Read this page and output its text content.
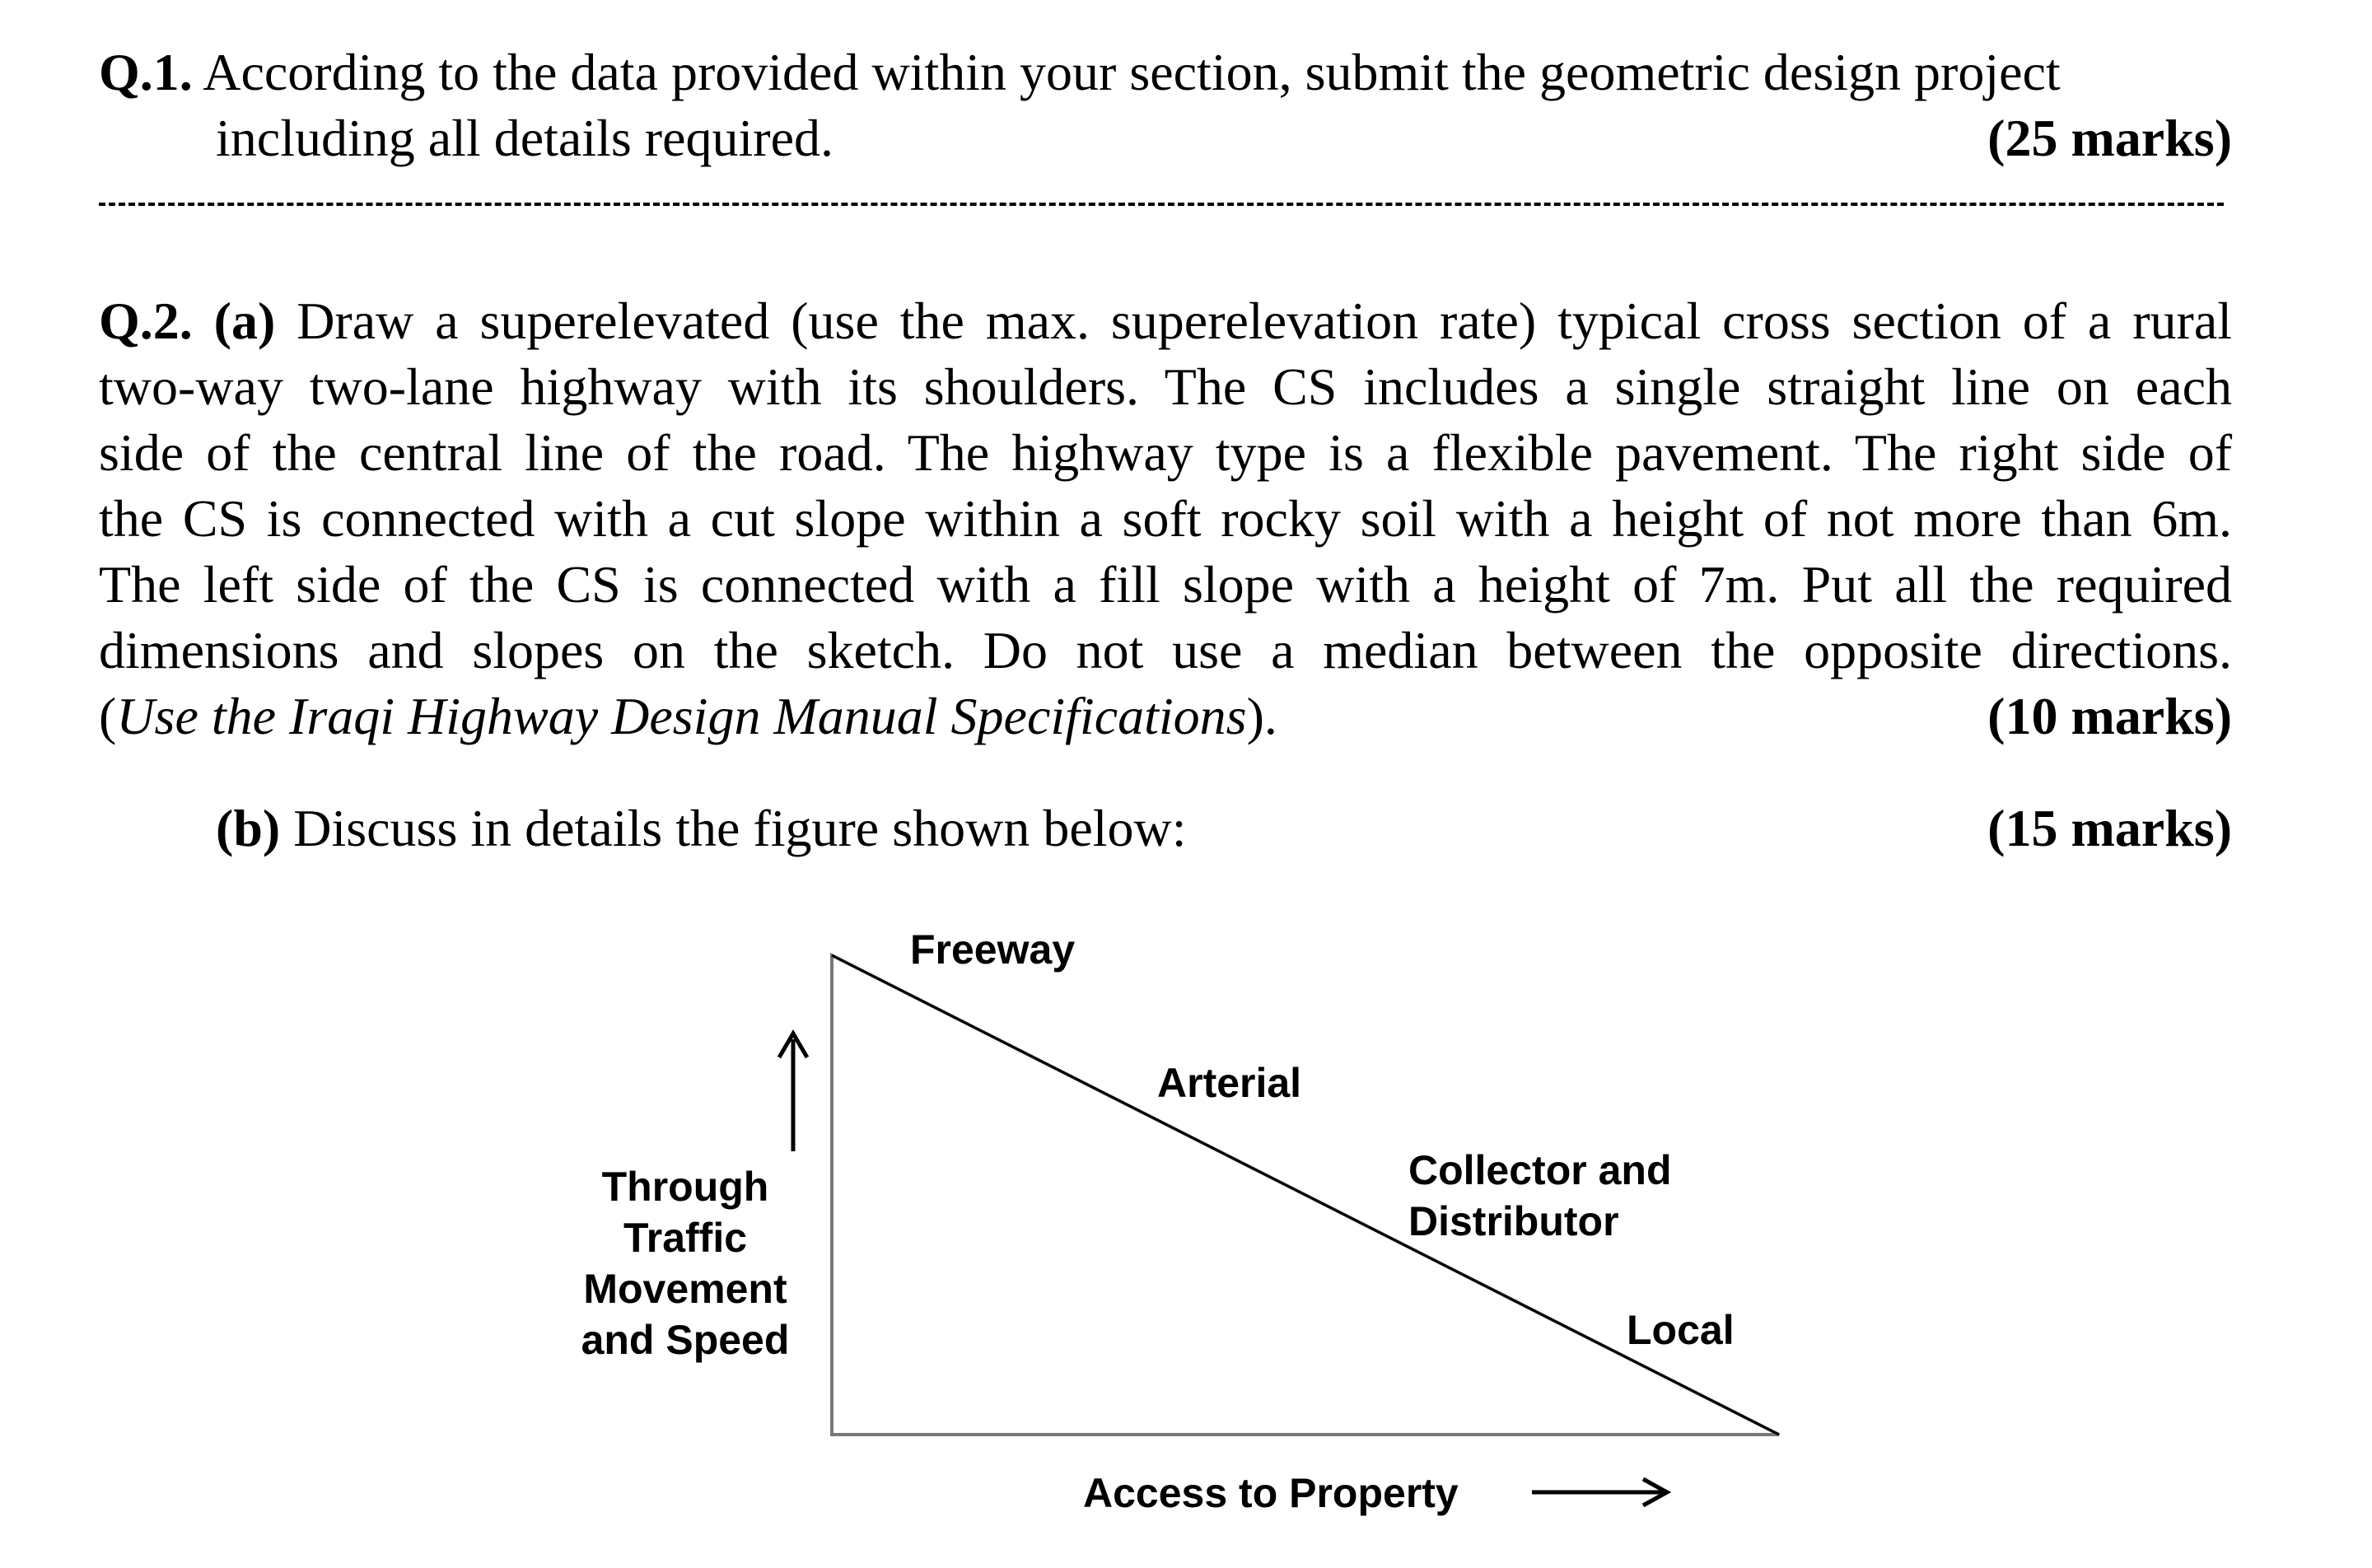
Q.1. According to the data provided within your section, submit the geometric design project
including all details required.	(25 marks)
Q.2. (a) Draw a superelevated (use the max. superelevation rate) typical cross section of a rural
two-way two-lane highway with its shoulders. The CS includes a single straight line on each
side of the central line of the road. The highway type is a flexible pavement. The right side of
the CS is connected with a cut slope within a soft rocky soil with a height of not more than 6m.
The left side of the CS is connected with a fill slope with a height of 7m. Put all the required
dimensions and slopes on the sketch. Do not use a median between the opposite directions.
(Use the Iraqi Highway Design Manual Specifications).	(10 marks)
(b) Discuss in details the figure shown below:	(15 marks)
Freeway
Arterial
Collector and
Distributor
Local
Through
Traffic
Movement
and Speed
Access to Property
